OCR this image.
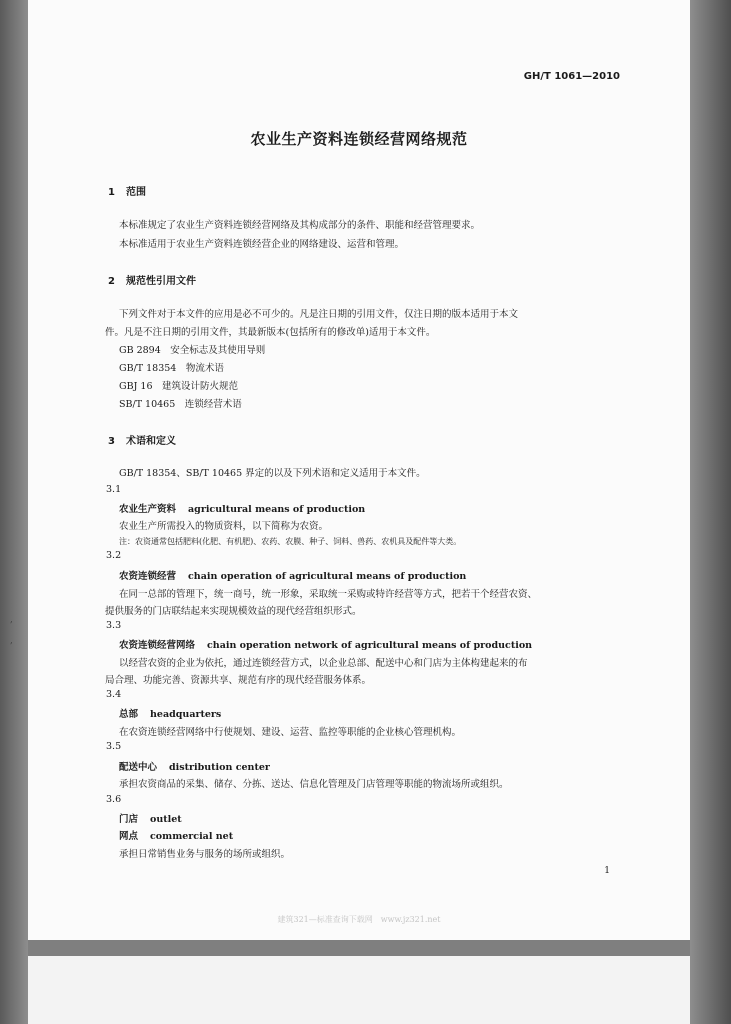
,
,
GH/T 1061—2010
农业生产资料连锁经营网络规范
1 范围
本标准规定了农业生产资料连锁经营网络及其构成部分的条件、职能和经营管理要求。
本标准适用于农业生产资料连锁经营企业的网络建设、运营和管理。
2 规范性引用文件
下列文件对于本文件的应用是必不可少的。凡是注日期的引用文件，仅注日期的版本适用于本文
件。凡是不注日期的引用文件，其最新版本(包括所有的修改单)适用于本文件。
GB 2894　 安全标志及其使用导则
GB/T 18354　 物流术语
GBJ 16　 建筑设计防火规范
SB/T 10465　 连锁经营术语
3 术语和定义
GB/T 18354、SB/T 10465 界定的以及下列术语和定义适用于本文件。
3.1
农业生产资料 agricultural means of production
农业生产所需投入的物质资料，以下简称为农资。
注：农资通常包括肥料(化肥、有机肥)、农药、农膜、种子、饲料、兽药、农机具及配件等大类。
3.2
农资连锁经营 chain operation of agricultural means of production
在同一总部的管理下，统一商号，统一形象，采取统一采购或特许经营等方式，把若干个经营农资、
提供服务的门店联结起来实现规模效益的现代经营组织形式。
3.3
农资连锁经营网络 chain operation network of agricultural means of production
以经营农资的企业为依托，通过连锁经营方式，以企业总部、配送中心和门店为主体构建起来的布
局合理、功能完善、资源共享、规范有序的现代经营服务体系。
3.4
总部 headquarters
在农资连锁经营网络中行使规划、建设、运营、监控等职能的企业核心管理机构。
3.5
配送中心 distribution center
承担农资商品的采集、储存、分拣、送达、信息化管理及门店管理等职能的物流场所或组织。
3.6
门店 outlet
网点 commercial net
承担日常销售业务与服务的场所或组织。
1
建筑321—标准查询下载网　www.jz321.net
